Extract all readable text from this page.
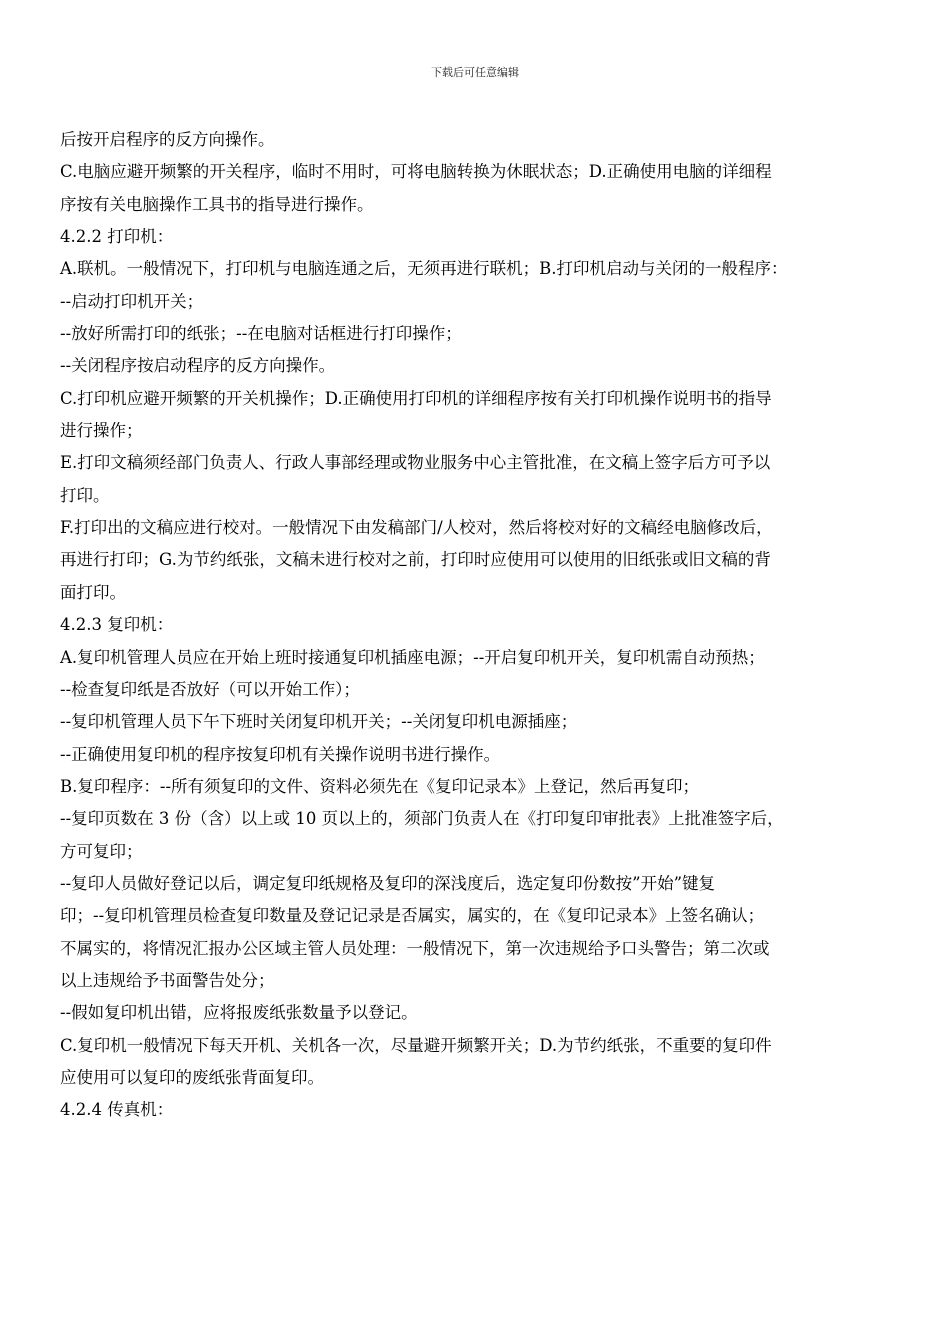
下载后可任意编辑
后按开启程序的反方向操作。
C.电脑应避开频繁的开关程序，临时不用时，可将电脑转换为休眠状态；D.正确使用电脑的详细程
序按有关电脑操作工具书的指导进行操作。
4.2.2 打印机：
A.联机。一般情况下，打印机与电脑连通之后，无须再进行联机；B.打印机启动与关闭的一般程序：
--启动打印机开关；
--放好所需打印的纸张；--在电脑对话框进行打印操作；
--关闭程序按启动程序的反方向操作。
C.打印机应避开频繁的开关机操作；D.正确使用打印机的详细程序按有关打印机操作说明书的指导
进行操作；
E.打印文稿须经部门负责人、行政人事部经理或物业服务中心主管批准，在文稿上签字后方可予以
打印。
F.打印出的文稿应进行校对。一般情况下由发稿部门/人校对，然后将校对好的文稿经电脑修改后，
再进行打印；G.为节约纸张，文稿未进行校对之前，打印时应使用可以使用的旧纸张或旧文稿的背
面打印。
4.2.3 复印机：
A.复印机管理人员应在开始上班时接通复印机插座电源；--开启复印机开关，复印机需自动预热；
--检查复印纸是否放好（可以开始工作）；
--复印机管理人员下午下班时关闭复印机开关；--关闭复印机电源插座；
--正确使用复印机的程序按复印机有关操作说明书进行操作。
B.复印程序：--所有须复印的文件、资料必须先在《复印记录本》上登记，然后再复印；
--复印页数在 3 份（含）以上或 10 页以上的，须部门负责人在《打印复印审批表》上批准签字后，
方可复印；
--复印人员做好登记以后，调定复印纸规格及复印的深浅度后，选定复印份数按”开始”键复
印；--复印机管理员检查复印数量及登记记录是否属实，属实的，在《复印记录本》上签名确认；
不属实的，将情况汇报办公区域主管人员处理：一般情况下，第一次违规给予口头警告；第二次或
以上违规给予书面警告处分；
--假如复印机出错，应将报废纸张数量予以登记。
C.复印机一般情况下每天开机、关机各一次，尽量避开频繁开关；D.为节约纸张，不重要的复印件
应使用可以复印的废纸张背面复印。
4.2.4 传真机：
